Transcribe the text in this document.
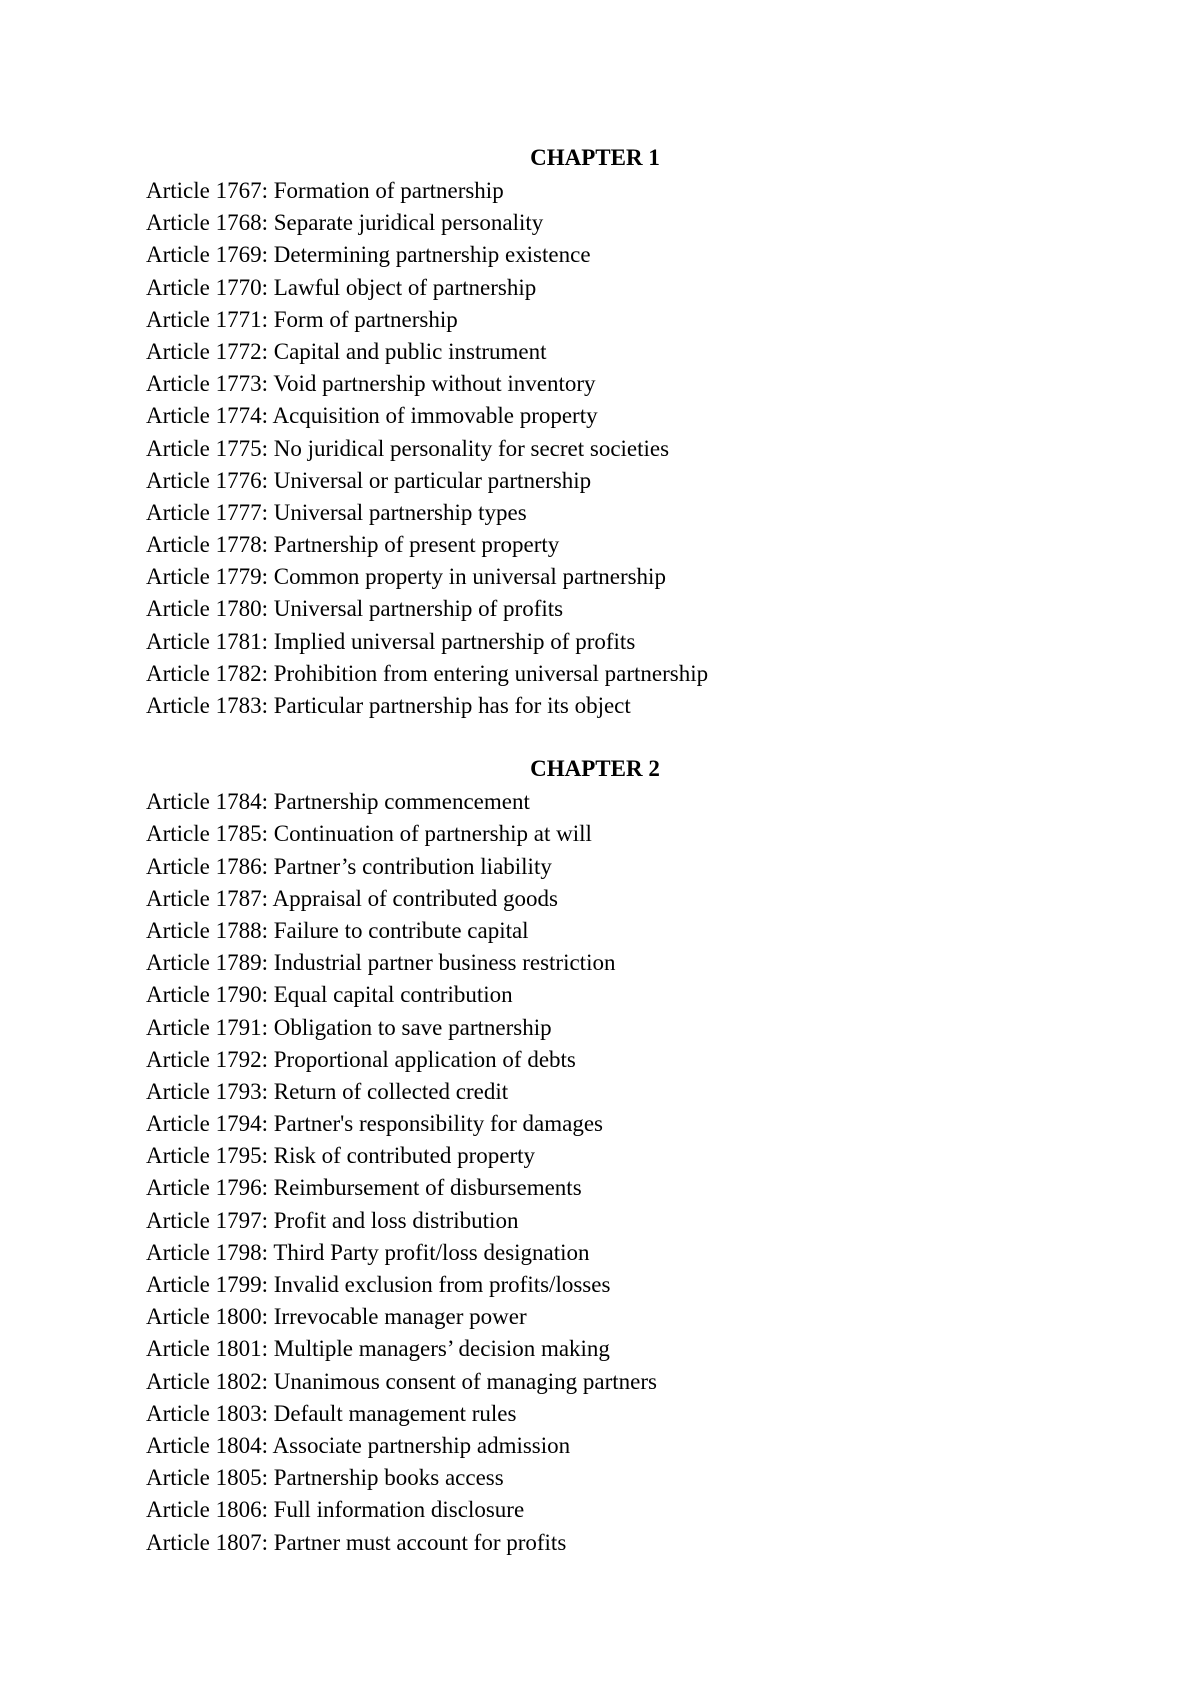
CHAPTER 1
Article 1767: Formation of partnership
Article 1768: Separate juridical personality
Article 1769: Determining partnership existence
Article 1770: Lawful object of partnership
Article 1771: Form of partnership
Article 1772: Capital and public instrument
Article 1773: Void partnership without inventory
Article 1774: Acquisition of immovable property
Article 1775: No juridical personality for secret societies
Article 1776: Universal or particular partnership
Article 1777: Universal partnership types
Article 1778: Partnership of present property
Article 1779: Common property in universal partnership
Article 1780: Universal partnership of profits
Article 1781: Implied universal partnership of profits
Article 1782: Prohibition from entering universal partnership
Article 1783: Particular partnership has for its object
CHAPTER 2
Article 1784: Partnership commencement
Article 1785: Continuation of partnership at will
Article 1786: Partner’s contribution liability
Article 1787: Appraisal of contributed goods
Article 1788: Failure to contribute capital
Article 1789: Industrial partner business restriction
Article 1790: Equal capital contribution
Article 1791: Obligation to save partnership
Article 1792: Proportional application of debts
Article 1793: Return of collected credit
Article 1794: Partner's responsibility for damages
Article 1795: Risk of contributed property
Article 1796: Reimbursement of disbursements
Article 1797: Profit and loss distribution
Article 1798: Third Party profit/loss designation
Article 1799: Invalid exclusion from profits/losses
Article 1800: Irrevocable manager power
Article 1801: Multiple managers’ decision making
Article 1802: Unanimous consent of managing partners
Article 1803: Default management rules
Article 1804: Associate partnership admission
Article 1805: Partnership books access
Article 1806: Full information disclosure
Article 1807: Partner must account for profits
